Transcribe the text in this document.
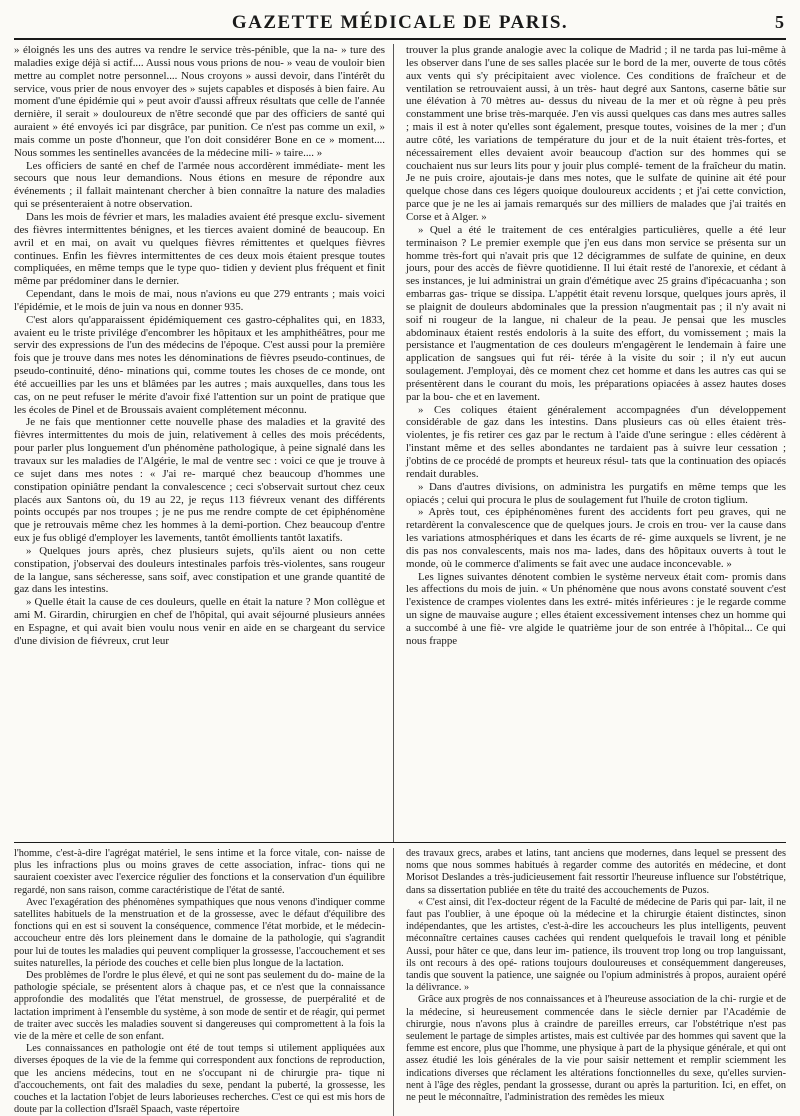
GAZETTE MÉDICALE DE PARIS.	5

» éloignés les uns des autres va rendre le service très-pénible, que la na- » ture des maladies exige déjà si actif.... Aussi nous vous prions de nou- » veau de vouloir bien mettre au complet notre personnel.... Nous croyons » aussi devoir, dans l'intérêt du service, vous prier de nous envoyer des » sujets capables et disposés à bien faire. Au moment d'une épidémie qui » peut avoir d'aussi affreux résultats que celle de l'année dernière, il serait » douloureux de n'être secondé que par des officiers de santé qui auraient » été envoyés ici par disgrâce, par punition. Ce n'est pas comme un exil, » mais comme un poste d'honneur, que l'on doit considérer Bone en ce » moment.... Nous sommes les sentinelles avancées de la médecine mili- » taire.... »

Les officiers de santé en chef de l'armée nous accordèrent immédiate- ment les secours que nous leur demandions. Nous étions en mesure de répondre aux événements ; il fallait maintenant chercher à bien connaître la nature des maladies qui se présenteraient à notre observation.

Dans les mois de février et mars, les maladies avaient été presque exclu- sivement des fièvres intermittentes bénignes, et les tierces avaient dominé de beaucoup. En avril et en mai, on avait vu quelques fièvres rémittentes et quelques fièvres continues. Enfin les fièvres intermittentes de ces deux mois étaient presque toutes compliquées, en même temps que le type quo- tidien y devient plus fréquent et finit même par prédominer dans le dernier.

Cependant, dans le mois de mai, nous n'avions eu que 279 entrants ; mais voici l'épidémie, et le mois de juin va nous en donner 935.

C'est alors qu'apparaissent épidémiquement ces gastro-céphalites qui, en 1833, avaient eu le triste privilége d'encombrer les hôpitaux et les amphithéâtres, pour me servir des expressions de l'un des médecins de l'époque. C'est aussi pour la première fois que je trouve dans mes notes les dénominations de fièvres pseudo-continues, de pseudo-continuité, déno- minations qui, comme toutes les choses de ce monde, ont été accueillies par les uns et blâmées par les autres ; mais auxquelles, dans tous les cas, on ne peut refuser le mérite d'avoir fixé l'attention sur un point de pratique que les écoles de Pinel et de Broussais avaient complétement méconnu.

Je ne fais que mentionner cette nouvelle phase des maladies et la gravité des fièvres intermittentes du mois de juin, relativement à celles des mois précédents, pour parler plus longuement d'un phénomène pathologique, à peine signalé dans les travaux sur les maladies de l'Algérie, le mal de ventre sec : voici ce que je trouve à ce sujet dans mes notes : « J'ai re- marqué chez beaucoup d'hommes une constipation opiniâtre pendant la convalescence ; ceci s'observait surtout chez ceux placés aux Santons où, du 19 au 22, je reçus 113 fiévreux venant des différents points occupés par nos troupes ; je ne pus me rendre compte de cet épiphénomène que je retrouvais même chez les hommes à la demi-portion. Chez beaucoup d'entre eux je fus obligé d'employer les lavements, tantôt émollients tantôt laxatifs.

» Quelques jours après, chez plusieurs sujets, qu'ils aient ou non cette constipation, j'observai des douleurs intestinales parfois très-violentes, sans rougeur de la langue, sans sécheresse, sans soif, avec constipation et une grande quantité de gaz dans les intestins.

» Quelle était la cause de ces douleurs, quelle en était la nature ? Mon collègue et ami M. Girardin, chirurgien en chef de l'hôpital, qui avait séjourné plusieurs années en Espagne, et qui avait bien voulu nous venir en aide en se chargeant du service d'une division de fiévreux, crut leur

trouver la plus grande analogie avec la colique de Madrid ; il ne tarda pas lui-même à les observer dans l'une de ses salles placée sur le bord de la mer, ouverte de tous côtés aux vents qui s'y précipitaient avec violence. Ces conditions de fraîcheur et de ventilation se retrouvaient aussi, à un très- haut degré aux Santons, caserne bâtie sur une élévation à 70 mètres au- dessus du niveau de la mer et où règne à peu près constamment une brise très-marquée. J'en vis aussi quelques cas dans mes autres salles ; mais il est à noter qu'elles sont également, presque toutes, voisines de la mer ; d'un autre côté, les variations de température du jour et de la nuit étaient très-fortes, et nécessairement elles devaient avoir beaucoup d'action sur des hommes qui se couchaient nus sur leurs lits pour y jouir plus complé- tement de la fraîcheur du matin. Je ne puis croire, ajoutais-je dans mes notes, que le sulfate de quinine ait été pour quelque chose dans ces légers quoique douloureux accidents ; et j'ai cette conviction, parce que je ne les ai jamais remarqués sur des milliers de malades que j'ai traités en Corse et à Alger. »

» Quel a été le traitement de ces entéralgies particulières, quelle a été leur terminaison ? Le premier exemple que j'en eus dans mon service se présenta sur un homme très-fort qui n'avait pris que 12 décigrammes de sulfate de quinine, en deux jours, pour des accès de fièvre quotidienne. Il lui était resté de l'anorexie, et cédant à ses instances, je lui administrai un grain d'émétique avec 25 grains d'ipécacuanha ; son embarras gas- trique se dissipa. L'appétit était revenu lorsque, quelques jours après, il se plaignit de douleurs abdominales que la pression n'augmentait pas ; il n'y avait ni soif ni rougeur de la langue, ni chaleur de la peau. Je pensai que les muscles abdominaux étaient restés endoloris à la suite des effort, du vomissement ; mais la persistance et l'augmentation de ces douleurs m'engagèrent le lendemain à faire une application de sangsues qui fut réi- térée à la visite du soir ; il n'y eut aucun soulagement. J'employai, dès ce moment chez cet homme et dans les autres cas qui se présentèrent dans le courant du mois, les préparations opiacées à assez hautes doses par la bou- che et en lavement.

» Ces coliques étaient généralement accompagnées d'un développement considérable de gaz dans les intestins. Dans plusieurs cas où elles étaient très-violentes, je fis retirer ces gaz par le rectum à l'aide d'une seringue : elles cédèrent à l'instant même et des selles abondantes ne tardaient pas à suivre leur cessation ; j'obtins de ce procédé de prompts et heureux résul- tats que la continuation des opiacés rendait durables.

» Dans d'autres divisions, on administra les purgatifs en même temps que les opiacés ; celui qui procura le plus de soulagement fut l'huile de croton tiglium.

» Après tout, ces épiphénomènes furent des accidents fort peu graves, qui ne retardèrent la convalescence que de quelques jours. Je crois en trou- ver la cause dans les variations atmosphériques et dans les écarts de ré- gime auxquels se livrent, je ne dis pas nos convalescents, mais nos ma- lades, dans des hôpitaux ouverts à tout le monde, où le commerce d'aliments se fait avec une audace inconcevable. »

Les lignes suivantes dénotent combien le système nerveux était com- promis dans les affections du mois de juin. « Un phénomène que nous avons constaté souvent c'est l'existence de crampes violentes dans les extré- mités inférieures : je le regarde comme un signe de mauvaise augure ; elles étaient excessivement intenses chez un homme qui a succombé à une fiè- vre algide le quatrième jour de son entrée à l'hôpital... Ce qui nous frappe

l'homme, c'est-à-dire l'agrégat matériel, le sens intime et la force vitale, con- naisse de plus les infractions plus ou moins graves de cette association, infrac- tions qui ne sauraient coexister avec l'exercice régulier des fonctions et la conservation d'un équilibre regardé, non sans raison, comme caractéristique de l'état de santé.

Avec l'exagération des phénomènes sympathiques que nous venons d'indiquer comme satellites habituels de la menstruation et de la grossesse, avec le défaut d'équilibre des fonctions qui en est si souvent la conséquence, commence l'état morbide, et le médecin-accoucheur entre dès lors pleinement dans le domaine de la pathologie, qui s'agrandit pour lui de toutes les maladies qui peuvent compliquer la grossesse, l'accouchement et ses suites naturelles, la période des couches et celle bien plus longue de la lactation.

Des problèmes de l'ordre le plus élevé, et qui ne sont pas seulement du do- maine de la pathologie spéciale, se présentent alors à chaque pas, et ce n'est que la connaissance approfondie des modalités que l'état menstruel, de grossesse, de puerpéralité et de lactation impriment à l'ensemble du système, à son mode de sentir et de réagir, qui permet de traiter avec succès les maladies souvent si dangereuses qui compromettent à la fois la vie de la mère et celle de son enfant.

Les connaissances en pathologie ont été de tout temps si utilement appliquées aux diverses époques de la vie de la femme qui correspondent aux fonctions de reproduction, que les anciens médecins, tout en ne s'occupant ni de chirurgie pra- tique ni d'accouchements, ont fait des maladies du sexe, pendant la puberté, la grossesse, les couches et la lactation l'objet de leurs laborieuses recherches. C'est ce qui est mis hors de doute par la collection d'Israël Spaach, vaste répertoire

des travaux grecs, arabes et latins, tant anciens que modernes, dans lequel se pressent des noms que nous sommes habitués à regarder comme des autorités en médecine, et dont Morisot Deslandes a très-judicieusement fait ressortir l'heureuse influence sur l'obstétrique, dans sa dissertation publiée en tête du traité des accouchements de Puzos.

« C'est ainsi, dit l'ex-docteur régent de la Faculté de médecine de Paris qui par- lait, il ne faut pas l'oublier, à une époque où la médecine et la chirurgie étaient distinctes, sinon indépendantes, que les artistes, c'est-à-dire les accoucheurs les plus intelligents, peuvent méconnaître certaines causes cachées qui rendent quelquefois le travail long et pénible Aussi, pour hâter ce que, dans leur im- patience, ils trouvent trop long ou trop languissant, ils ont recours à des opé- rations toujours douloureuses et conséquemment dangereuses, tandis que souvent la patience, une saignée ou l'opium administrés à propos, auraient opéré la délivrance. »

Grâce aux progrès de nos connaissances et à l'heureuse association de la chi- rurgie et de la médecine, si heureusement commencée dans le siècle dernier par l'Académie de chirurgie, nous n'avons plus à craindre de pareilles erreurs, car l'obstétrique n'est pas seulement le partage de simples artistes, mais est cultivée par des hommes qui savent que la femme est encore, plus que l'homme, une physique à part de la physique générale, et qui ont assez étudié les lois générales de la vie pour saisir nettement et remplir sciemment les indications diverses que réclament les altérations fonctionnelles du sexe, qu'elles survien- nent à l'âge des règles, pendant la grossesse, durant ou après la parturition. Ici, en effet, on ne peut le méconnaître, l'administration des remèdes les mieux
